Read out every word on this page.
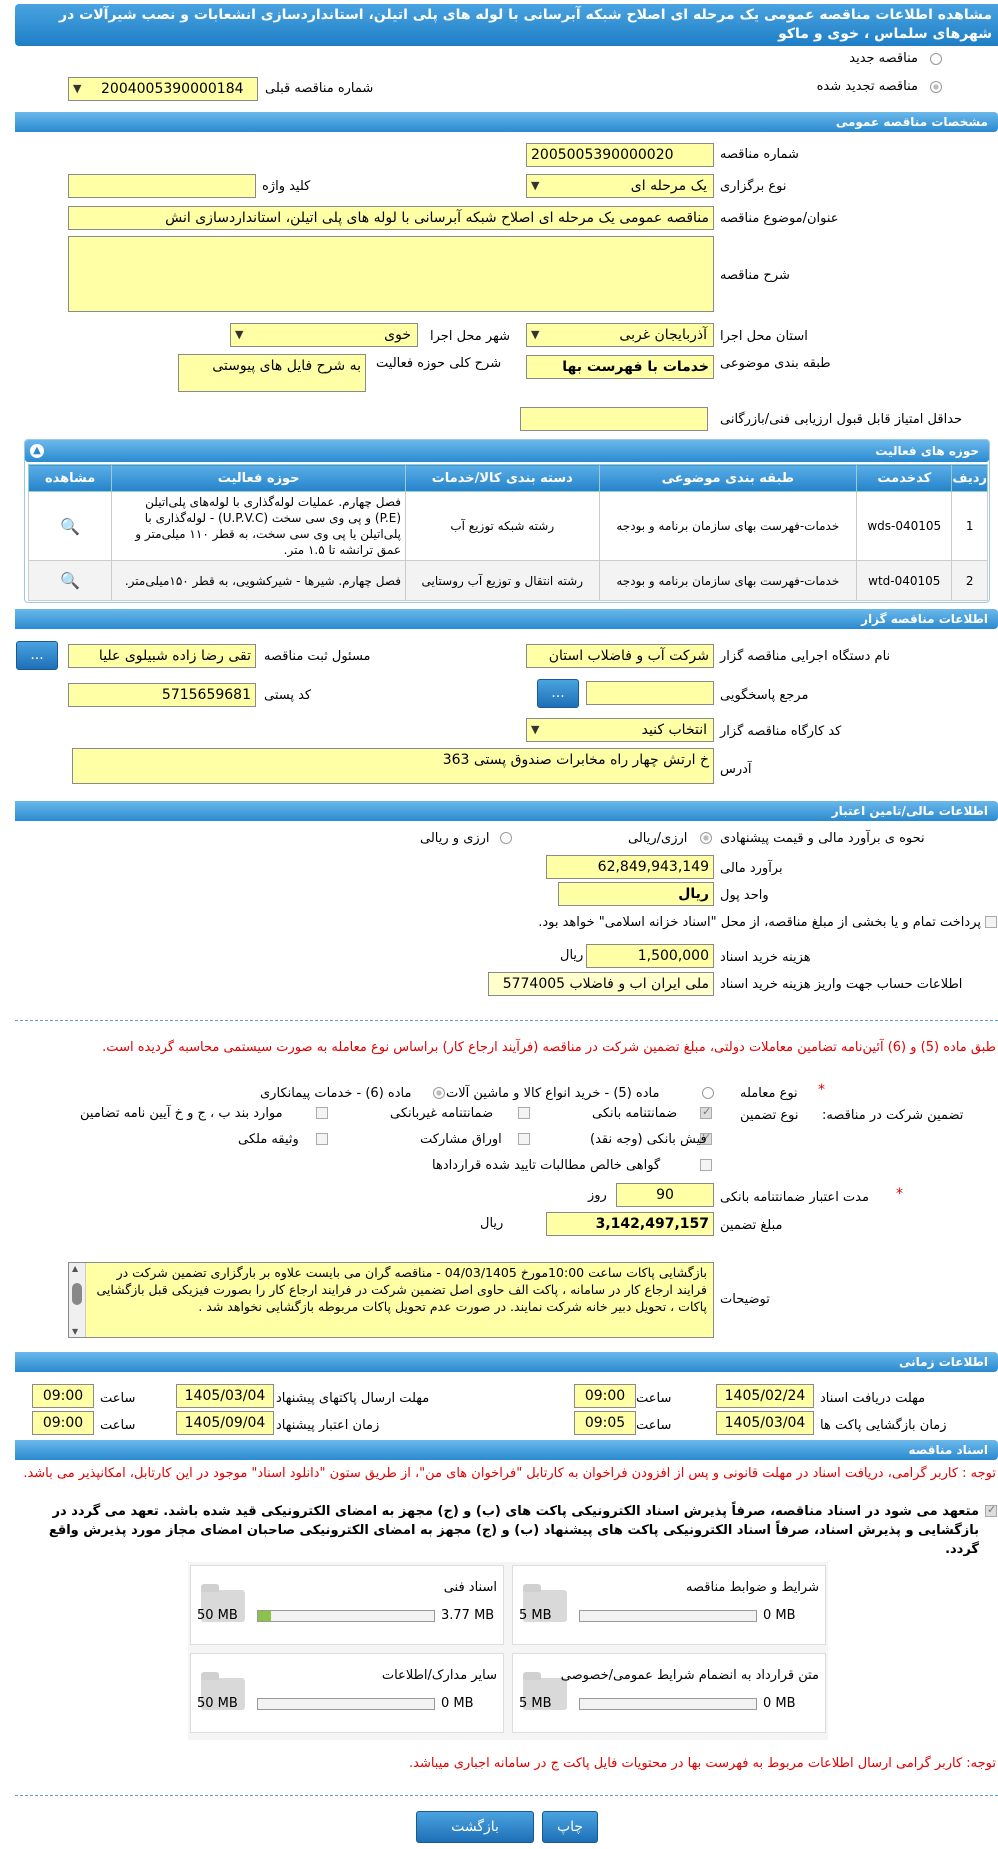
مشاهده اطلاعات مناقصه عمومی یک مرحله ای اصلاح شبکه آبرسانی با لوله های پلی اتیلن، استانداردسازی انشعابات و نصب شیرآلات در شهرهای سلماس ، خوی و ماکو
مناقصه جدید
مناقصه تجدید شده
شماره مناقصه قبلی
▼ 2004005390000184
مشخصات مناقصه عمومی
شماره مناقصه
2005005390000020
نوع برگزاری
▼	یک مرحله ای
کلید واژه
عنوان/موضوع مناقصه
مناقصه عمومی یک مرحله ای اصلاح شبکه آبرسانی با لوله های پلی اتیلن، استانداردسازی انش
شرح مناقصه
استان محل اجرا
▼	آذربایجان غربی
شهر محل اجرا
▼	خوی
طبقه بندی موضوعی
خدمات با فهرست بها
شرح کلی حوزه فعالیت
به شرح فایل های پیوستی
حداقل امتیاز قابل قبول ارزیابی فنی/بازرگانی
حوزه های فعالیت
▲
ردیف	کدخدمت	طبقه بندی موضوعی	دسته بندی کالا/خدمات	حوزه فعالیت	مشاهده
1	wds-040105	خدمات-فهرست بهای سازمان برنامه و بودجه	رشته شبکه توزیع آب	فصل چهارم. عملیات لوله‌گذاری با لوله‌های پلی‌اتیلن (P.E) و پی وی سی سخت (U.P.V.C) - لوله‌گذاری با پلی‌اتیلن یا پی وی سی سخت، به قطر ۱۱۰ میلی‌متر و عمق ترانشه تا ۱.۵ متر.	🔍
2	wtd-040105	خدمات-فهرست بهای سازمان برنامه و بودجه	رشته انتقال و توزیع آب روستایی	فصل چهارم. شیرها - شیرکشویی، به قطر ۱۵۰میلی‌متر.	🔍
اطلاعات مناقصه گزار
نام دستگاه اجرایی مناقصه گزار
شرکت آب و فاضلاب استان
مسئول ثبت مناقصه
تقی رضا زاده شبیلوی علیا
...
مرجع پاسخگویی
...
کد پستی
5715659681
کد کارگاه مناقصه گزار
▼	انتخاب کنید
آدرس
خ ارتش چهار راه مخابرات صندوق پستی 363
اطلاعات مالی/تامین اعتبار
نحوه ی برآورد مالی و قیمت پیشنهادی
ارزی/ریالی
ارزی و ریالی
برآورد مالی
62,849,943,149
واحد پول
ریال
پرداخت تمام و یا بخشی از مبلغ مناقصه، از محل "اسناد خزانه اسلامی" خواهد بود.
هزینه خرید اسناد
1,500,000
ریال
اطلاعات حساب جهت واریز هزینه خرید اسناد
ملی ایران اب و فاضلاب 5774005
طبق ماده (5) و (6) آئین‌نامه تضامین معاملات دولتی، مبلغ تضمین شرکت در مناقصه (فرآیند ارجاع کار) براساس نوع معامله به صورت سیستمی محاسبه گردیده است.
*
نوع معامله
ماده (5) - خرید انواع کالا و ماشین آلات
ماده (6) - خدمات پیمانکاری
تضمین شرکت در مناقصه:
نوع تضمین
✓
ضمانتنامه بانکی
ضمانتنامه غیربانکی
موارد بند ب ، ج و خ آیین نامه تضامین
✓
فیش بانکی (وجه نقد)
اوراق مشارکت
وثیقه ملکی
گواهی خالص مطالبات تایید شده قراردادها
*
مدت اعتبار ضمانتنامه بانکی
90
روز
مبلغ تضمین
3,142,497,157
ریال
توضیحات
بازگشایی پاکات ساعت 10:00مورخ 04/03/1405 - مناقصه گران می بایست علاوه بر بارگزاری تضمین شرکت در فرایند ارجاع کار در سامانه ، پاکت الف حاوی اصل تضمین شرکت در فرایند ارجاع کار را بصورت فیزیکی قبل بازگشایی پاکات ، تحویل دبیر خانه شرکت نمایند. در صورت عدم تحویل پاکات مربوطه بازگشایی نخواهد شد .
▲
▼
اطلاعات زمانی
مهلت دریافت اسناد
1405/02/24
ساعت
09:00
مهلت ارسال پاکتهای پیشنهاد
1405/03/04
ساعت
09:00
زمان بازگشایی پاکت ها
1405/03/04
ساعت
09:05
زمان اعتبار پیشنهاد
1405/09/04
ساعت
09:00
اسناد مناقصه
توجه : کاربر گرامی، دریافت اسناد در مهلت قانونی و پس از افزودن فراخوان به کارتابل "فراخوان های من"، از طریق ستون "دانلود اسناد" موجود در این کارتابل، امکانپذیر می باشد.
✓
متعهد می شود در اسناد مناقصه، صرفاً پذیرش اسناد الکترونیکی پاکت های (ب) و (ج) مجهز به امضای الکترونیکی قید شده باشد. تعهد می گردد در بازگشایی و پذیرش اسناد، صرفاً اسناد الکترونیکی پاکت های پیشنهاد (ب) و (ج) مجهز به امضای الکترونیکی صاحبان امضای مجاز مورد پذیرش واقع گردد.
شرایط و ضوابط مناقصه
5 MB	0 MB
اسناد فنی
50 MB	3.77 MB
متن قرارداد به انضمام شرایط عمومی/خصوصی
5 MB	0 MB
سایر مدارک/اطلاعات
50 MB	0 MB
توجه: کاربر گرامی ارسال اطلاعات مربوط به فهرست بها در محتویات فایل پاکت ج در سامانه اجباری میباشد.
چاپ
بازگشت
